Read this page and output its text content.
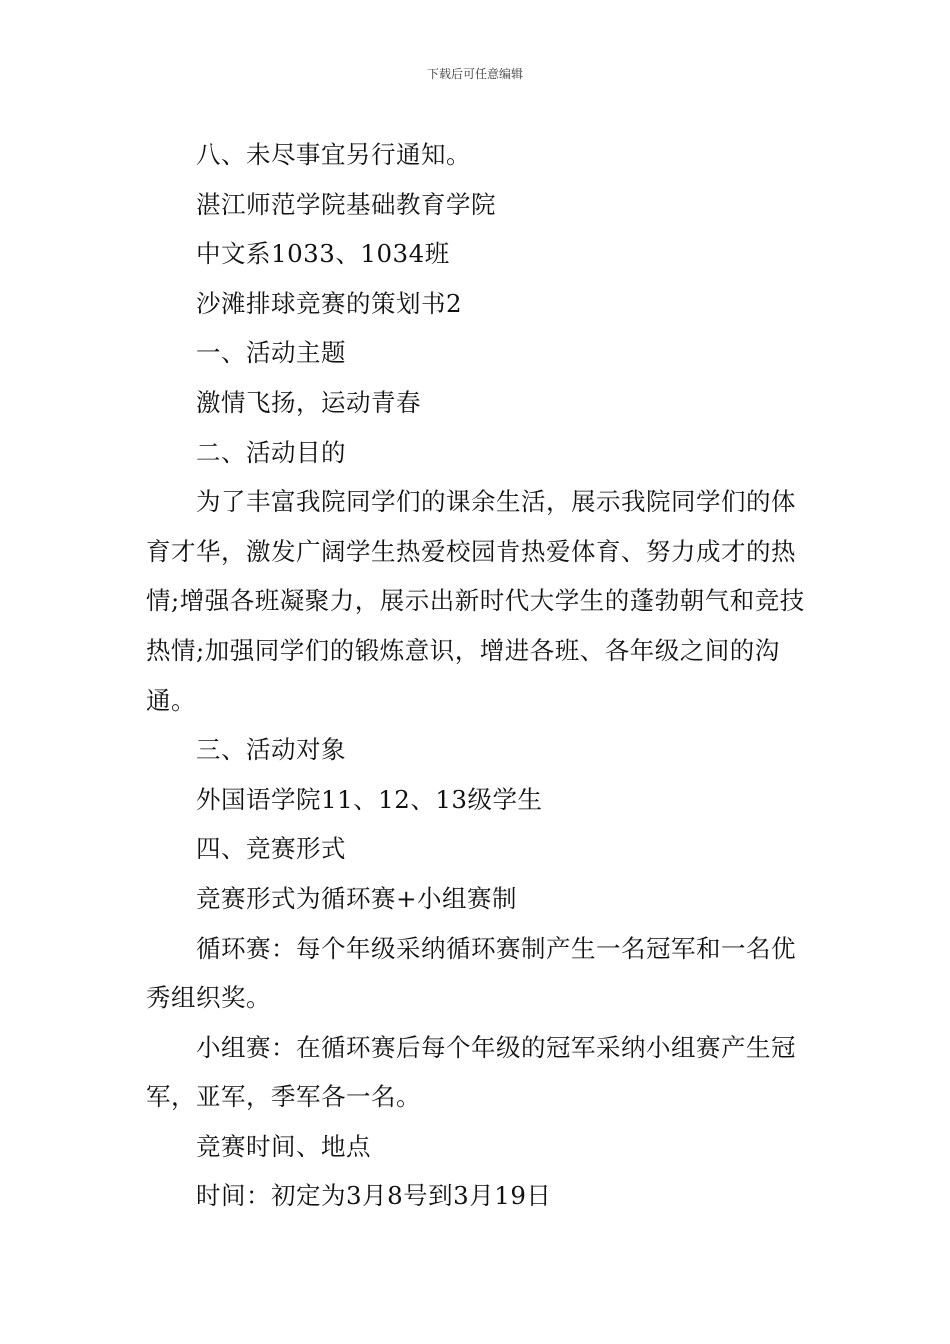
下载后可任意编辑

八、未尽事宜另行通知。

湛江师范学院基础教育学院

中文系1033、1034班

沙滩排球竞赛的策划书2

一、活动主题

激情飞扬，运动青春

二、活动目的

为了丰富我院同学们的课余生活，展示我院同学们的体育才华，激发广阔学生热爱校园肯热爱体育、努力成才的热情;增强各班凝聚力，展示出新时代大学生的蓬勃朝气和竞技热情;加强同学们的锻炼意识，增进各班、各年级之间的沟通。

三、活动对象

外国语学院11、12、13级学生

四、竞赛形式

竞赛形式为循环赛+小组赛制

循环赛：每个年级采纳循环赛制产生一名冠军和一名优秀组织奖。

小组赛：在循环赛后每个年级的冠军采纳小组赛产生冠军，亚军，季军各一名。

竞赛时间、地点

时间：初定为3月8号到3月19日
